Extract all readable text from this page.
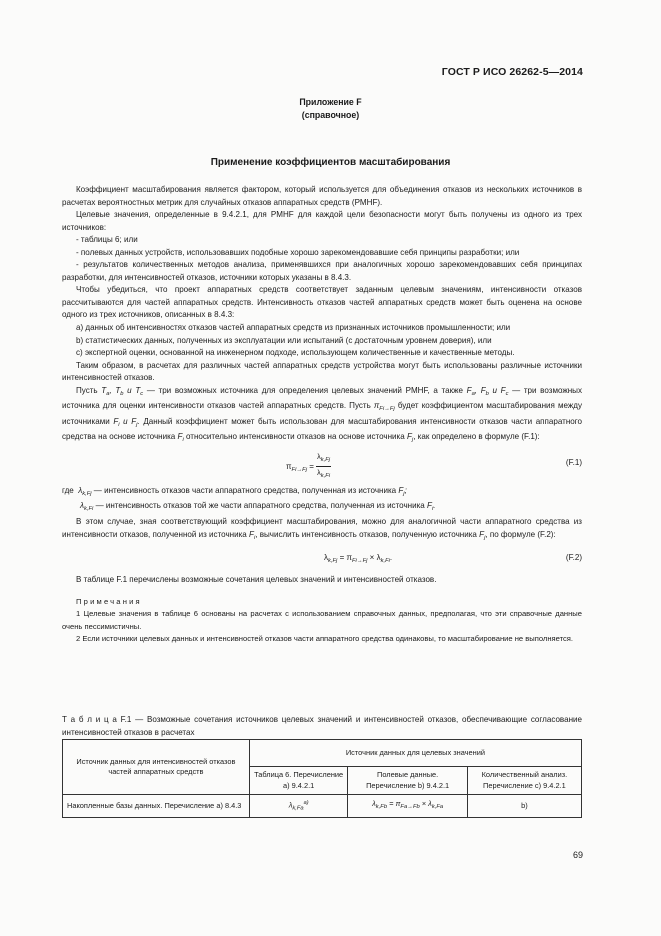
ГОСТ Р ИСО 26262-5—2014
Приложение F
(справочное)
Применение коэффициентов масштабирования

Коэффициент масштабирования является фактором, который используется для объединения отказов из нескольких источников в расчетах вероятностных метрик для случайных отказов аппаратных средств (PMHF).

Целевые значения, определенные в 9.4.2.1, для PMHF для каждой цели безопасности могут быть получены из одного из трех источников:

- таблицы 6; или

- полевых данных устройств, использовавших подобные хорошо зарекомендовавшие себя принципы разработки; или

- результатов количественных методов анализа, применявшихся при аналогичных хорошо зарекомендовавших себя принципах разработки, для интенсивностей отказов, источники которых указаны в 8.4.3.

Чтобы убедиться, что проект аппаратных средств соответствует заданным целевым значениям, интенсивности отказов рассчитываются для частей аппаратных средств. Интенсивность отказов частей аппаратных средств может быть оценена на основе одного из трех источников, описанных в 8.4.3:

a) данных об интенсивностях отказов частей аппаратных средств из признанных источников промышленности; или

b) статистических данных, полученных из эксплуатации или испытаний (с достаточным уровнем доверия), или

c) экспертной оценки, основанной на инженерном подходе, использующем количественные и качественные методы.

Таким образом, в расчетах для различных частей аппаратных средств устройства могут быть использованы различные источники интенсивностей отказов.

Пусть $T_a$, $T_b$ и $T_c$ — три возможных источника для определения целевых значений PMHF, а также $F_a$, $F_b$ и $F_c$ — три возможных источника для оценки интенсивности отказов частей аппаратных средств. Пусть $\pi_{Fi\to Fj}$ будет коэффициентом масштабирования между источниками $F_i$ и $F_j$. Данный коэффициент может быть использован для масштабирования интенсивности отказов части аппаратного средства на основе источника $F_i$ относительно интенсивности отказов на основе источника $F_j$, как определено в формуле (F.1):

$\pi_{Fi\to Fj} = \frac{\lambda_{k,Fj}}{\lambda_{k,Fi}}$	(F.1)

где $\lambda_{k,Fj}$ — интенсивность отказов части аппаратного средства, полученная из источника $F_j$;

$\lambda_{k,Fi}$ — интенсивность отказов той же части аппаратного средства, полученная из источника $F_i$.

В этом случае, зная соответствующий коэффициент масштабирования, можно для аналогичной части аппаратного средства из интенсивности отказов, полученной из источника $F_i$, вычислить интенсивность отказов, полученную источника $F_j$, по формуле (F.2):

$\lambda_{k,Fj} = \pi_{Fi\to Fj} \times \lambda_{k,Fi}$.	(F.2)

В таблице F.1 перечислены возможные сочетания целевых значений и интенсивностей отказов.

Примечания

1 Целевые значения в таблице 6 основаны на расчетах с использованием справочных данных, предполагая, что эти справочные данные очень пессимистичны.

2 Если источники целевых данных и интенсивностей отказов части аппаратного средства одинаковы, то масштабирование не выполняется.

Т а б л и ц а F.1 — Возможные сочетания источников целевых значений и интенсивностей отказов, обеспечивающие согласование интенсивностей отказов в расчетах
Источник данных для интенсивностей отказов частей аппаратных средств	Источник данных для целевых значений		
	Таблица 6. Перечисление а) 9.4.2.1	Полевые данные. Перечисление b) 9.4.2.1	Количественный анализ. Перечисление с) 9.4.2.1
Накопленные базы данных. Перечисление а) 8.4.3	$\lambda_{k,Fa}^{a)}$	$\lambda_{k,Fb} = \pi_{Fa\to Fb} \times \lambda_{k,Fa}$	b)
69
